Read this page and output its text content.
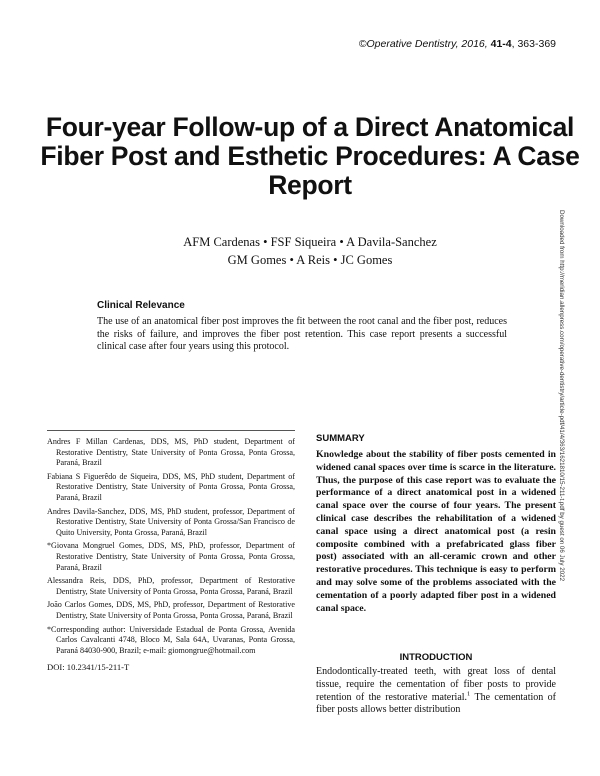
©Operative Dentistry, 2016, 41-4, 363-369
Four-year Follow-up of a Direct Anatomical Fiber Post and Esthetic Procedures: A Case Report
AFM Cardenas • FSF Siqueira • A Davila-Sanchez
GM Gomes • A Reis • JC Gomes	Downloaded from http://meridian.allenpress.com/operative-dentistry/article-pdf/41/4/363/1621810/15-211-t.pdf by guest on 06 July 2022
Clinical Relevance
The use of an anatomical fiber post improves the fit between the root canal and the fiber post, reduces the risks of failure, and improves the fiber post retention. This case report presents a successful clinical case after four years using this protocol.

Andres F Millan Cardenas, DDS, MS, PhD student, Department of Restorative Dentistry, State University of Ponta Grossa, Ponta Grossa, Paraná, Brazil

Fabiana S Figuerêdo de Siqueira, DDS, MS, PhD student, Department of Restorative Dentistry, State University of Ponta Grossa, Ponta Grossa, Paraná, Brazil

Andres Davila-Sanchez, DDS, MS, PhD student, professor, Department of Restorative Dentistry, State University of Ponta Grossa/San Francisco de Quito University, Ponta Grossa, Paraná, Brazil

*Giovana Mongruel Gomes, DDS, MS, PhD, professor, Department of Restorative Dentistry, State University of Ponta Grossa, Ponta Grossa, Paraná, Brazil

Alessandra Reis, DDS, PhD, professor, Department of Restorative Dentistry, State University of Ponta Grossa, Ponta Grossa, Paraná, Brazil

João Carlos Gomes, DDS, MS, PhD, professor, Department of Restorative Dentistry, State University of Ponta Grossa, Ponta Grossa, Paraná, Brazil

*Corresponding author: Universidade Estadual de Ponta Grossa, Avenida Carlos Cavalcanti 4748, Bloco M, Sala 64A, Uvaranas, Ponta Grossa, Paraná 84030-900, Brazil; e-mail: giomongrue@hotmail.com

DOI: 10.2341/15-211-T
SUMMARY
Knowledge about the stability of fiber posts cemented in widened canal spaces over time is scarce in the literature. Thus, the purpose of this case report was to evaluate the performance of a direct anatomical post in a widened canal space over the course of four years. The present clinical case describes the rehabilitation of a widened canal space using a direct anatomical post (a resin composite combined with a prefabricated glass fiber post) associated with an all-ceramic crown and other restorative procedures. This technique is easy to perform and may solve some of the problems associated with the cementation of a poorly adapted fiber post in a widened canal space.
INTRODUCTION
Endodontically-treated teeth, with great loss of dental tissue, require the cementation of fiber posts to provide retention of the restorative material.$^1$ The cementation of fiber posts allows better distribution
